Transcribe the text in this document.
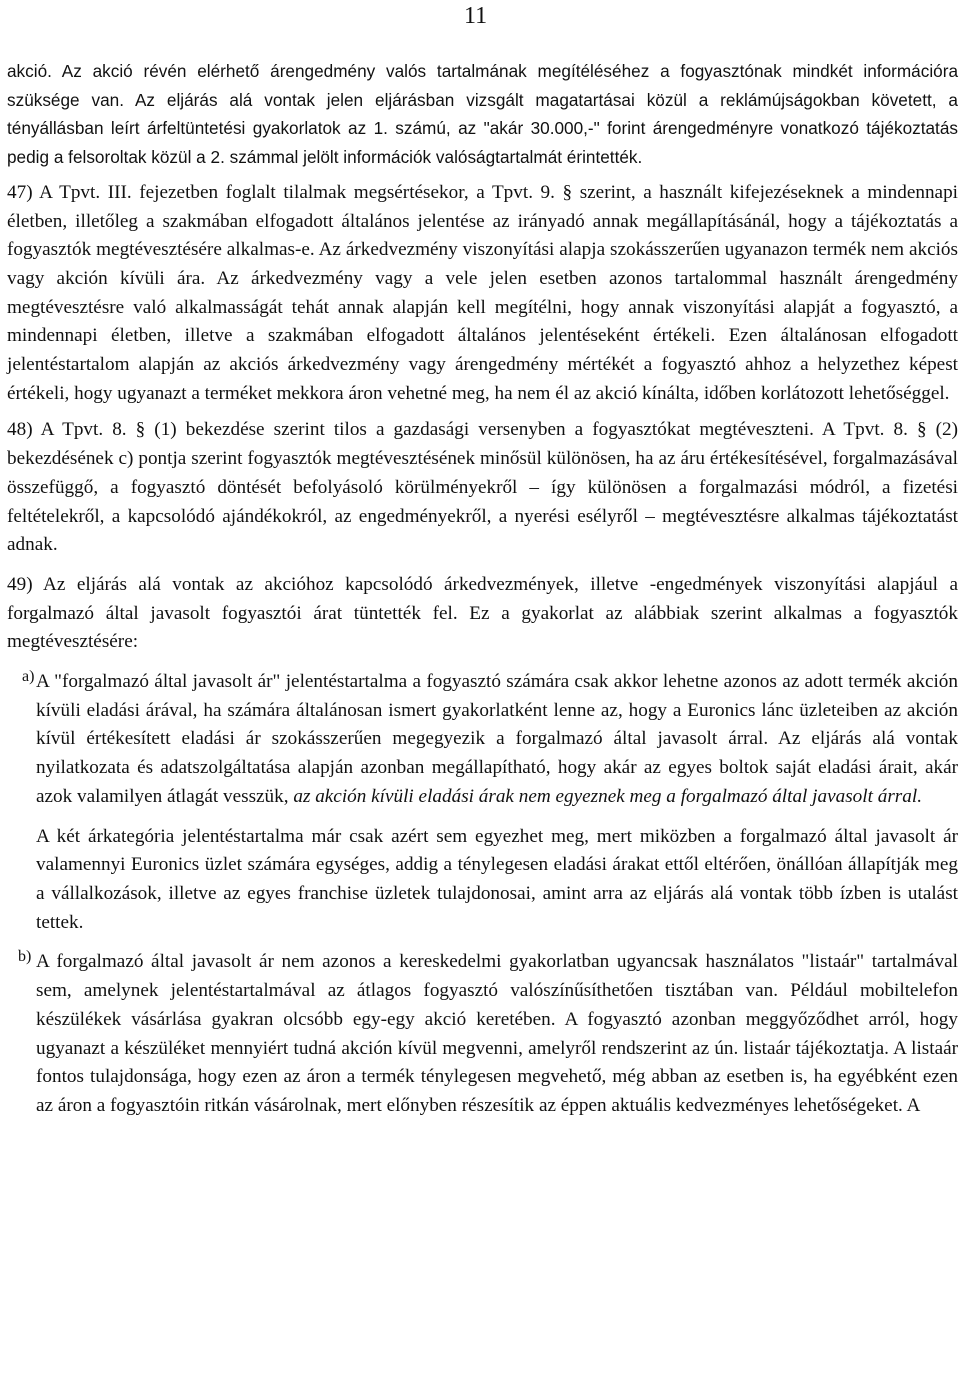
11

akció. Az akció révén elérhető árengedmény valós tartalmának megítéléséhez a fogyasztónak mindkét információra szüksége van. Az eljárás alá vontak jelen eljárásban vizsgált magatartásai közül a reklámújságokban követett, a tényállásban leírt árfeltüntetési gyakorlatok az 1. számú, az "akár 30.000,-" forint árengedményre vonatkozó tájékoztatás pedig a felsoroltak közül a 2. számmal jelölt információk valóságtartalmát érintették.

47) A Tpvt. III. fejezetben foglalt tilalmak megsértésekor, a Tpvt. 9. § szerint, a használt kifejezéseknek a mindennapi életben, illetőleg a szakmában elfogadott általános jelentése az irányadó annak megállapításánál, hogy a tájékoztatás a fogyasztók megtévesztésére alkalmas-e. Az árkedvezmény viszonyítási alapja szokásszerűen ugyanazon termék nem akciós vagy akción kívüli ára. Az árkedvezmény vagy a vele jelen esetben azonos tartalommal használt árengedmény megtévesztésre való alkalmasságát tehát annak alapján kell megítélni, hogy annak viszonyítási alapját a fogyasztó, a mindennapi életben, illetve a szakmában elfogadott általános jelentéseként értékeli. Ezen általánosan elfogadott jelentéstartalom alapján az akciós árkedvezmény vagy árengedmény mértékét a fogyasztó ahhoz a helyzethez képest értékeli, hogy ugyanazt a terméket mekkora áron vehetné meg, ha nem él az akció kínálta, időben korlátozott lehetőséggel.

48) A Tpvt. 8. § (1) bekezdése szerint tilos a gazdasági versenyben a fogyasztókat megtéveszteni. A Tpvt. 8. § (2) bekezdésének c) pontja szerint fogyasztók megtévesztésének minősül különösen, ha az áru értékesítésével, forgalmazásával összefüggő, a fogyasztó döntését befolyásoló körülményekről ‒ így különösen a forgalmazási módról, a fizetési feltételekről, a kapcsolódó ajándékokról, az engedményekről, a nyerési esélyről ‒ megtévesztésre alkalmas tájékoztatást adnak.

49) Az eljárás alá vontak az akcióhoz kapcsolódó árkedvezmények, illetve -engedmények viszonyítási alapjául a forgalmazó által javasolt fogyasztói árat tüntették fel. Ez a gyakorlat az alábbiak szerint alkalmas a fogyasztók megtévesztésére:

a) A "forgalmazó által javasolt ár" jelentéstartalma a fogyasztó számára csak akkor lehetne azonos az adott termék akción kívüli eladási árával, ha számára általánosan ismert gyakorlatként lenne az, hogy a Euronics lánc üzleteiben az akción kívül értékesített eladási ár szokásszerűen megegyezik a forgalmazó által javasolt árral. Az eljárás alá vontak nyilatkozata és adatszolgáltatása alapján azonban megállapítható, hogy akár az egyes boltok saját eladási árait, akár azok valamilyen átlagát vesszük, az akción kívüli eladási árak nem egyeznek meg a forgalmazó által javasolt árral.

A két árkategória jelentéstartalma már csak azért sem egyezhet meg, mert miközben a forgalmazó által javasolt ár valamennyi Euronics üzlet számára egységes, addig a ténylegesen eladási árakat ettől eltérően, önállóan állapítják meg a vállalkozások, illetve az egyes franchise üzletek tulajdonosai, amint arra az eljárás alá vontak több ízben is utalást tettek.

b) A forgalmazó által javasolt ár nem azonos a kereskedelmi gyakorlatban ugyancsak használatos "listaár" tartalmával sem, amelynek jelentéstartalmával az átlagos fogyasztó valószínűsíthetően tisztában van. Például mobiltelefon készülékek vásárlása gyakran olcsóbb egy-egy akció keretében. A fogyasztó azonban meggyőződhet arról, hogy ugyanazt a készüléket mennyiért tudná akción kívül megvenni, amelyről rendszerint az ún. listaár tájékoztatja. A listaár fontos tulajdonsága, hogy ezen az áron a termék ténylegesen megvehető, még abban az esetben is, ha egyébként ezen az áron a fogyasztóin ritkán vásárolnak, mert előnyben részesítik az éppen aktuális kedvezményes lehetőségeket. A
